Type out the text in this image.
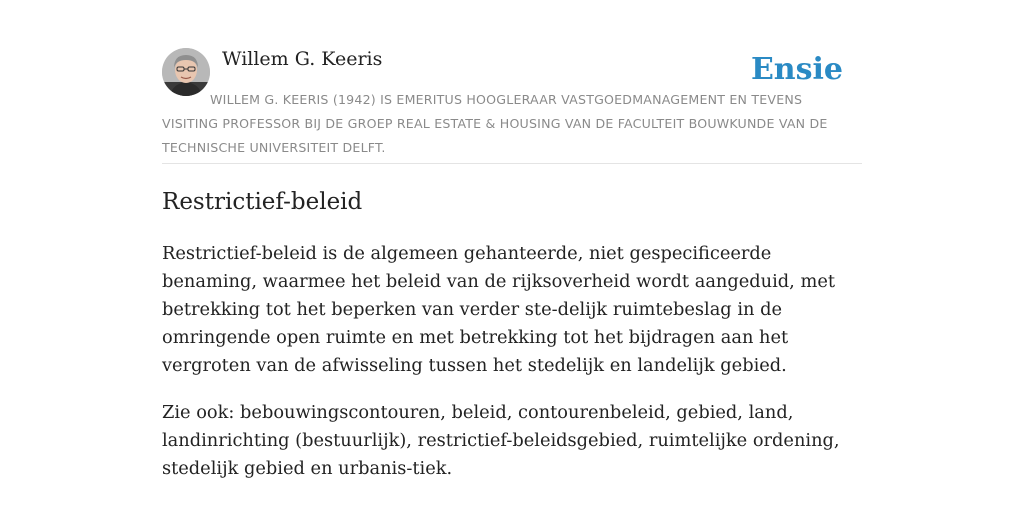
Willem G. Keeris	Ensie
WILLEM G. KEERIS (1942) IS EMERITUS HOOGLERAAR VASTGOEDMANAGEMENT EN TEVENS VISITING PROFESSOR BIJ DE GROEP REAL ESTATE & HOUSING VAN DE FACULTEIT BOUWKUNDE VAN DE TECHNISCHE UNIVERSITEIT DELFT.
Restrictief-beleid

Restrictief-beleid is de algemeen gehanteerde, niet gespecificeerde benaming, waarmee het beleid van de rijksoverheid wordt aangeduid, met betrekking tot het beperken van verder ste-delijk ruimtebeslag in de omringende open ruimte en met betrekking tot het bijdragen aan het vergroten van de afwisseling tussen het stedelijk en landelijk gebied.

Zie ook: bebouwingscontouren, beleid, contourenbeleid, gebied, land, landinrichting (bestuurlijk), restrictief-beleidsgebied, ruimtelijke ordening, stedelijk gebied en urbanis-tiek.
